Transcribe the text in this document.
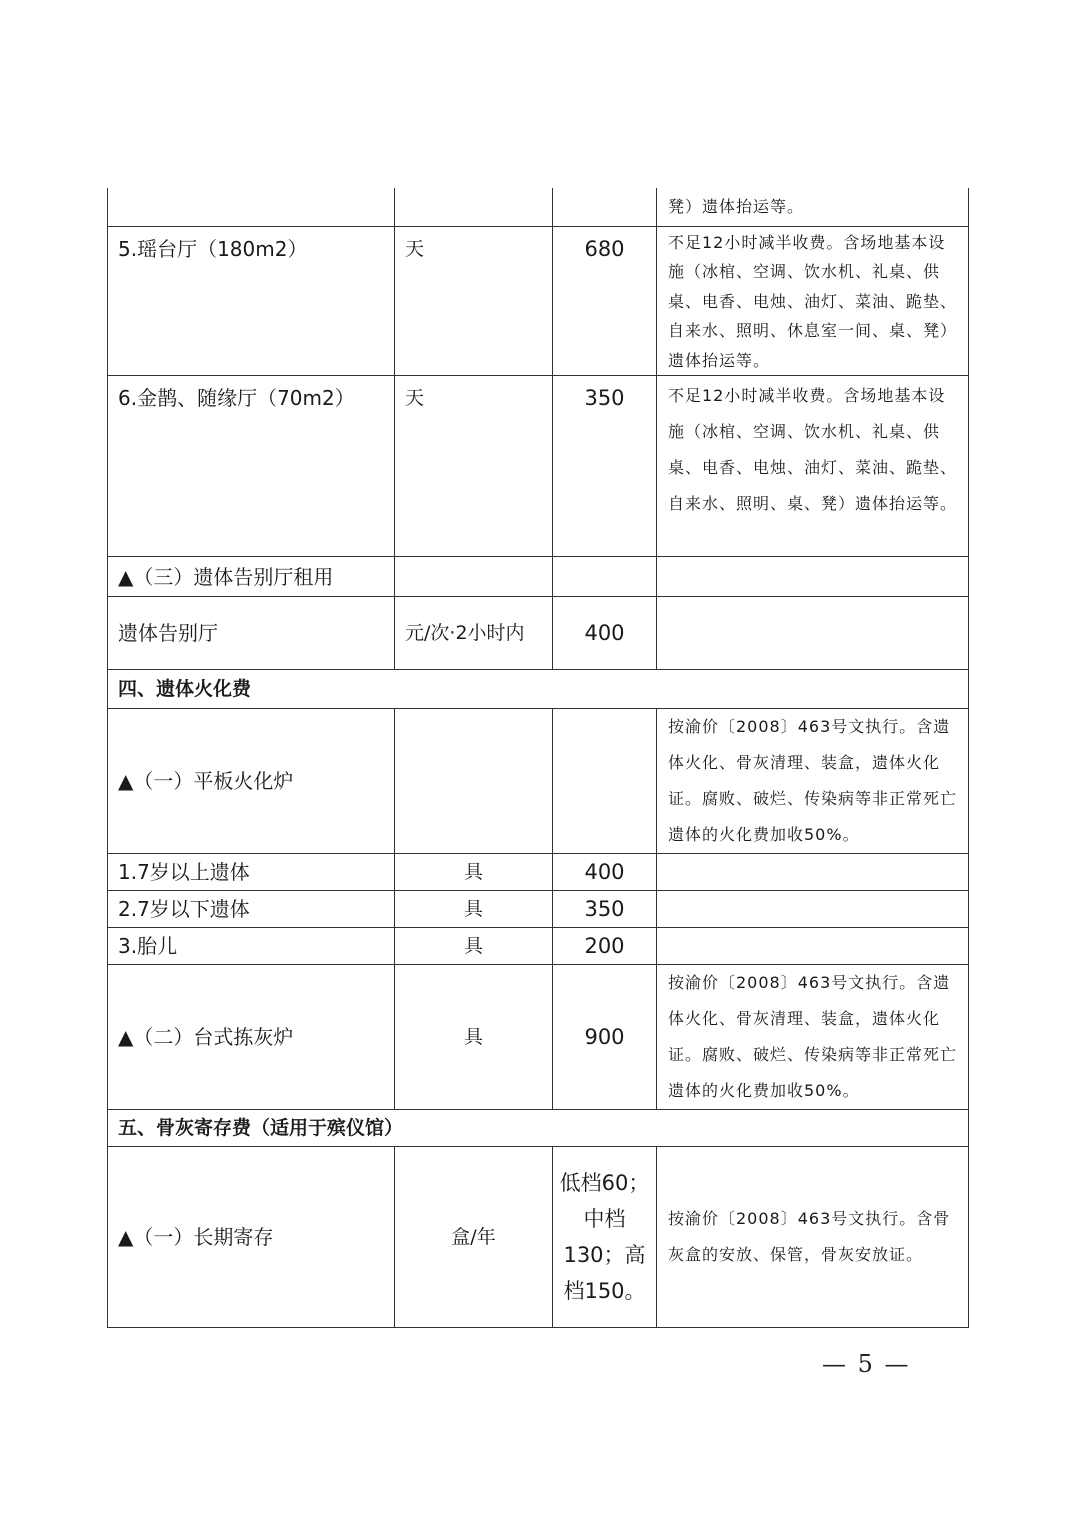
			凳）遗体抬运等。
5.瑶台厅（180m2）	天	680	不足12小时减半收费。含场地基本设施（冰棺、空调、饮水机、礼桌、供桌、电香、电烛、油灯、菜油、跪垫、自来水、照明、休息室一间、桌、凳）遗体抬运等。
6.金鹊、随缘厅（70m2）	天	350	不足12小时减半收费。含场地基本设施（冰棺、空调、饮水机、礼桌、供桌、电香、电烛、油灯、菜油、跪垫、自来水、照明、桌、凳）遗体抬运等。
▲（三）遗体告别厅租用			
遗体告别厅	元/次·2小时内	400	
四、遗体火化费			
▲（一）平板火化炉			按渝价〔2008〕463号文执行。含遗体火化、骨灰清理、装盒，遗体火化证。腐败、破烂、传染病等非正常死亡遗体的火化费加收50%。
1.7岁以上遗体	具	400	
2.7岁以下遗体	具	350	
3.胎儿	具	200	
▲（二）台式拣灰炉	具	900	按渝价〔2008〕463号文执行。含遗体火化、骨灰清理、装盒，遗体火化证。腐败、破烂、传染病等非正常死亡遗体的火化费加收50%。
五、骨灰寄存费（适用于殡仪馆）			
▲（一）长期寄存	盒/年	低档60；中档130；高档150。	按渝价〔2008〕463号文执行。含骨灰盒的安放、保管，骨灰安放证。
— 5 —
